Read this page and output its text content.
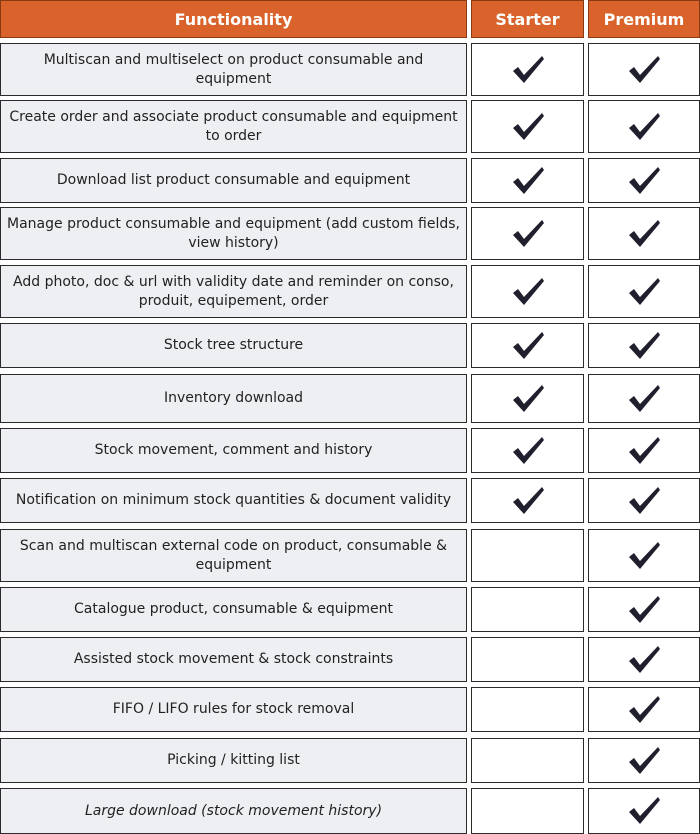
Functionality	Starter	Premium
Multiscan and multiselect on product consumable and equipment
Create order and associate product consumable and equipment to order
Download list product consumable and equipment
Manage product consumable and equipment (add custom fields, view history)
Add photo, doc & url with validity date and reminder on conso, produit, equipement, order
Stock tree structure
Inventory download
Stock movement, comment and history
Notification on minimum stock quantities & document validity
Scan and multiscan external code on product, consumable & equipment
Catalogue product, consumable & equipment
Assisted stock movement & stock constraints
FIFO / LIFO rules for stock removal
Picking / kitting list
Large download (stock movement history)
